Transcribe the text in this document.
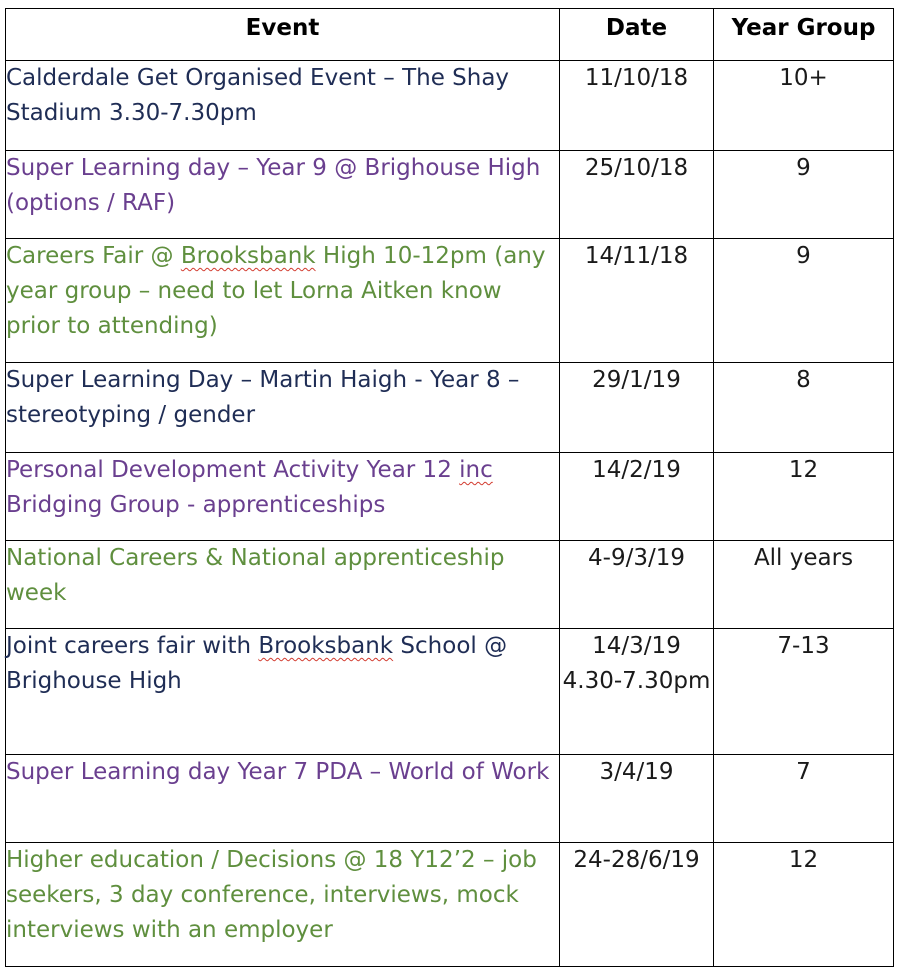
Event	Date	Year Group
Calderdale Get Organised Event – The Shay Stadium 3.30-7.30pm	11/10/18	10+
Super Learning day – Year 9 @ Brighouse High (options / RAF)	25/10/18	9
Careers Fair @ Brooksbank High 10-12pm (any year group – need to let Lorna Aitken know prior to attending)	14/11/18	9
Super Learning Day – Martin Haigh - Year 8 – stereotyping / gender	29/1/19	8
Personal Development Activity Year 12 inc Bridging Group - apprenticeships	14/2/19	12
National Careers & National apprenticeship week	4-9/3/19	All years
Joint careers fair with Brooksbank School @ Brighouse High	14/3/19 4.30-7.30pm	7-13
Super Learning day Year 7 PDA – World of Work	3/4/19	7
Higher education / Decisions @ 18 Y12’2 – job seekers, 3 day conference, interviews, mock interviews with an employer	24-28/6/19	12
